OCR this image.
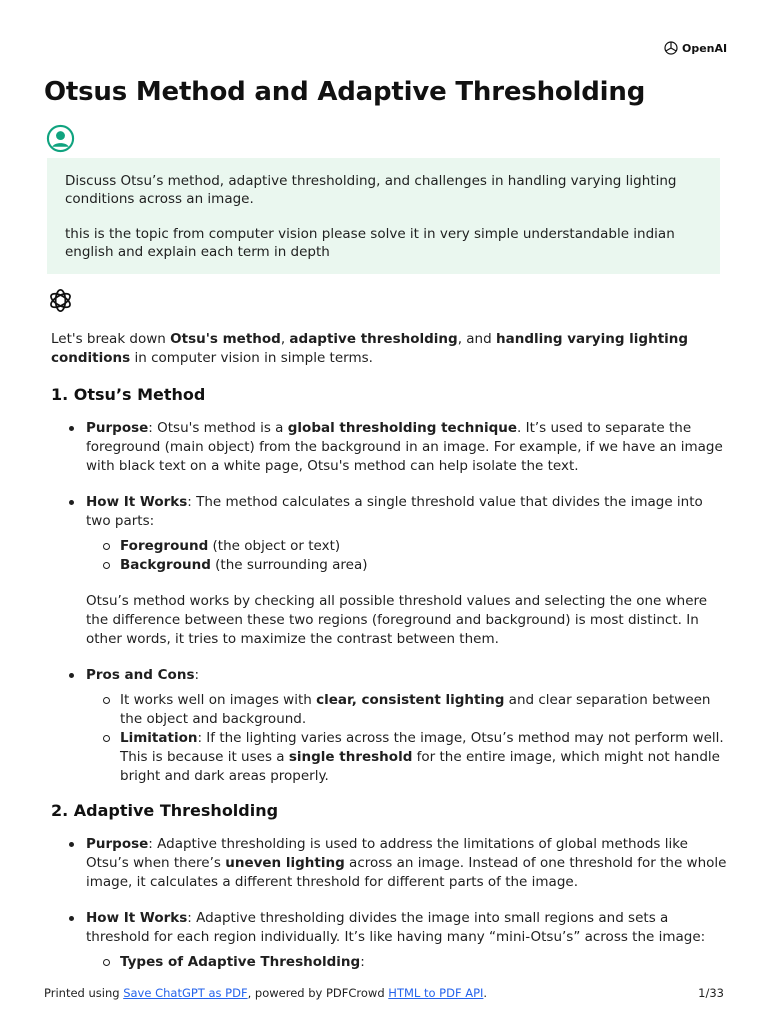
OpenAI
Otsus Method and Adaptive Thresholding

Discuss Otsu’s method, adaptive thresholding, and challenges in handling varying lighting conditions across an image.

this is the topic from computer vision please solve it in very simple understandable indian english and explain each term in depth

Let's break down Otsu's method, adaptive thresholding, and handling varying lighting conditions in computer vision in simple terms.

1. Otsu’s Method
Purpose: Otsu's method is a global thresholding technique. It’s used to separate the foreground (main object) from the background in an image. For example, if we have an image with black text on a white page, Otsu's method can help isolate the text.
How It Works: The method calculates a single threshold value that divides the image into two parts:
Foreground (the object or text)
Background (the surrounding area)

Otsu’s method works by checking all possible threshold values and selecting the one where the difference between these two regions (foreground and background) is most distinct. In other words, it tries to maximize the contrast between them.

Pros and Cons:
It works well on images with clear, consistent lighting and clear separation between the object and background.
Limitation: If the lighting varies across the image, Otsu’s method may not perform well. This is because it uses a single threshold for the entire image, which might not handle bright and dark areas properly.
2. Adaptive Thresholding
Purpose: Adaptive thresholding is used to address the limitations of global methods like Otsu’s when there’s uneven lighting across an image. Instead of one threshold for the whole image, it calculates a different threshold for different parts of the image.
How It Works: Adaptive thresholding divides the image into small regions and sets a threshold for each region individually. It’s like having many “mini-Otsu’s” across the image:
Types of Adaptive Thresholding:
Printed using Save ChatGPT as PDF, powered by PDFCrowd HTML to PDF API.	1/33
